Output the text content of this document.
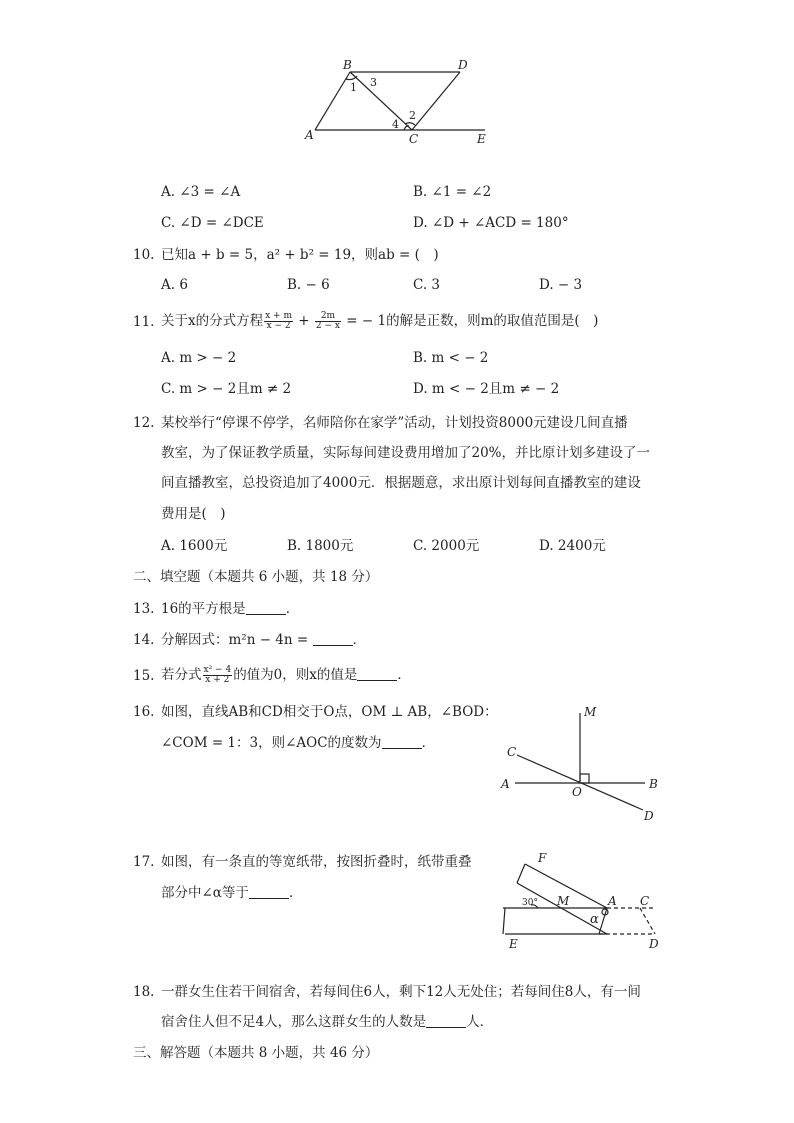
B	D
A	C	E
1 3
2
4
A. ∠3 = ∠A	B. ∠1 = ∠2
C. ∠D = ∠DCE	D. ∠D + ∠ACD = 180°
10. 已知a + b = 5，a² + b² = 19，则ab = (　)
A. 6	B. − 6	C. 3	D. − 3
11. 关于x的分式方程 $\frac{x + m}{x - 2} + \frac{2m}{2 - x}$ = − 1的解是正数，则m的取值范围是(　)
A. m > − 2	B. m < − 2
C. m > − 2且m ≠ 2	D. m < − 2且m ≠ − 2
12. 某校举行“停课不停学，名师陪你在家学”活动，计划投资8000元建设几间直播
教室，为了保证教学质量，实际每间建设费用增加了20%，并比原计划多建设了一
间直播教室，总投资追加了4000元．根据题意，求出原计划每间直播教室的建设
费用是(　)
A. 1600元	B. 1800元	C. 2000元	D. 2400元
二、填空题（本题共 6 小题，共 18 分）
13. 16的平方根是	．
14. 分解因式：m²n − 4n =	．
15. 若分式 $\frac{\text{x² − 4}}{x + 2}$ 的值为0，则x的值是	．
16. 如图，直线AB和CD相交于O点，OM ⊥ AB，∠BOD：
∠COM = 1：3，则∠AOC的度数为	．
M
C
A
O
B
D
17. 如图，有一条直的等宽纸带，按图折叠时，纸带重叠
部分中∠α等于	．
F
M	A C
E	D
α
30°
18. 一群女生住若干间宿舍，若每间住6人，剩下12人无处住；若每间住8人，有一间
宿舍住人但不足4人，那么这群女生的人数是	人．
三、解答题（本题共 8 小题，共 46 分）
